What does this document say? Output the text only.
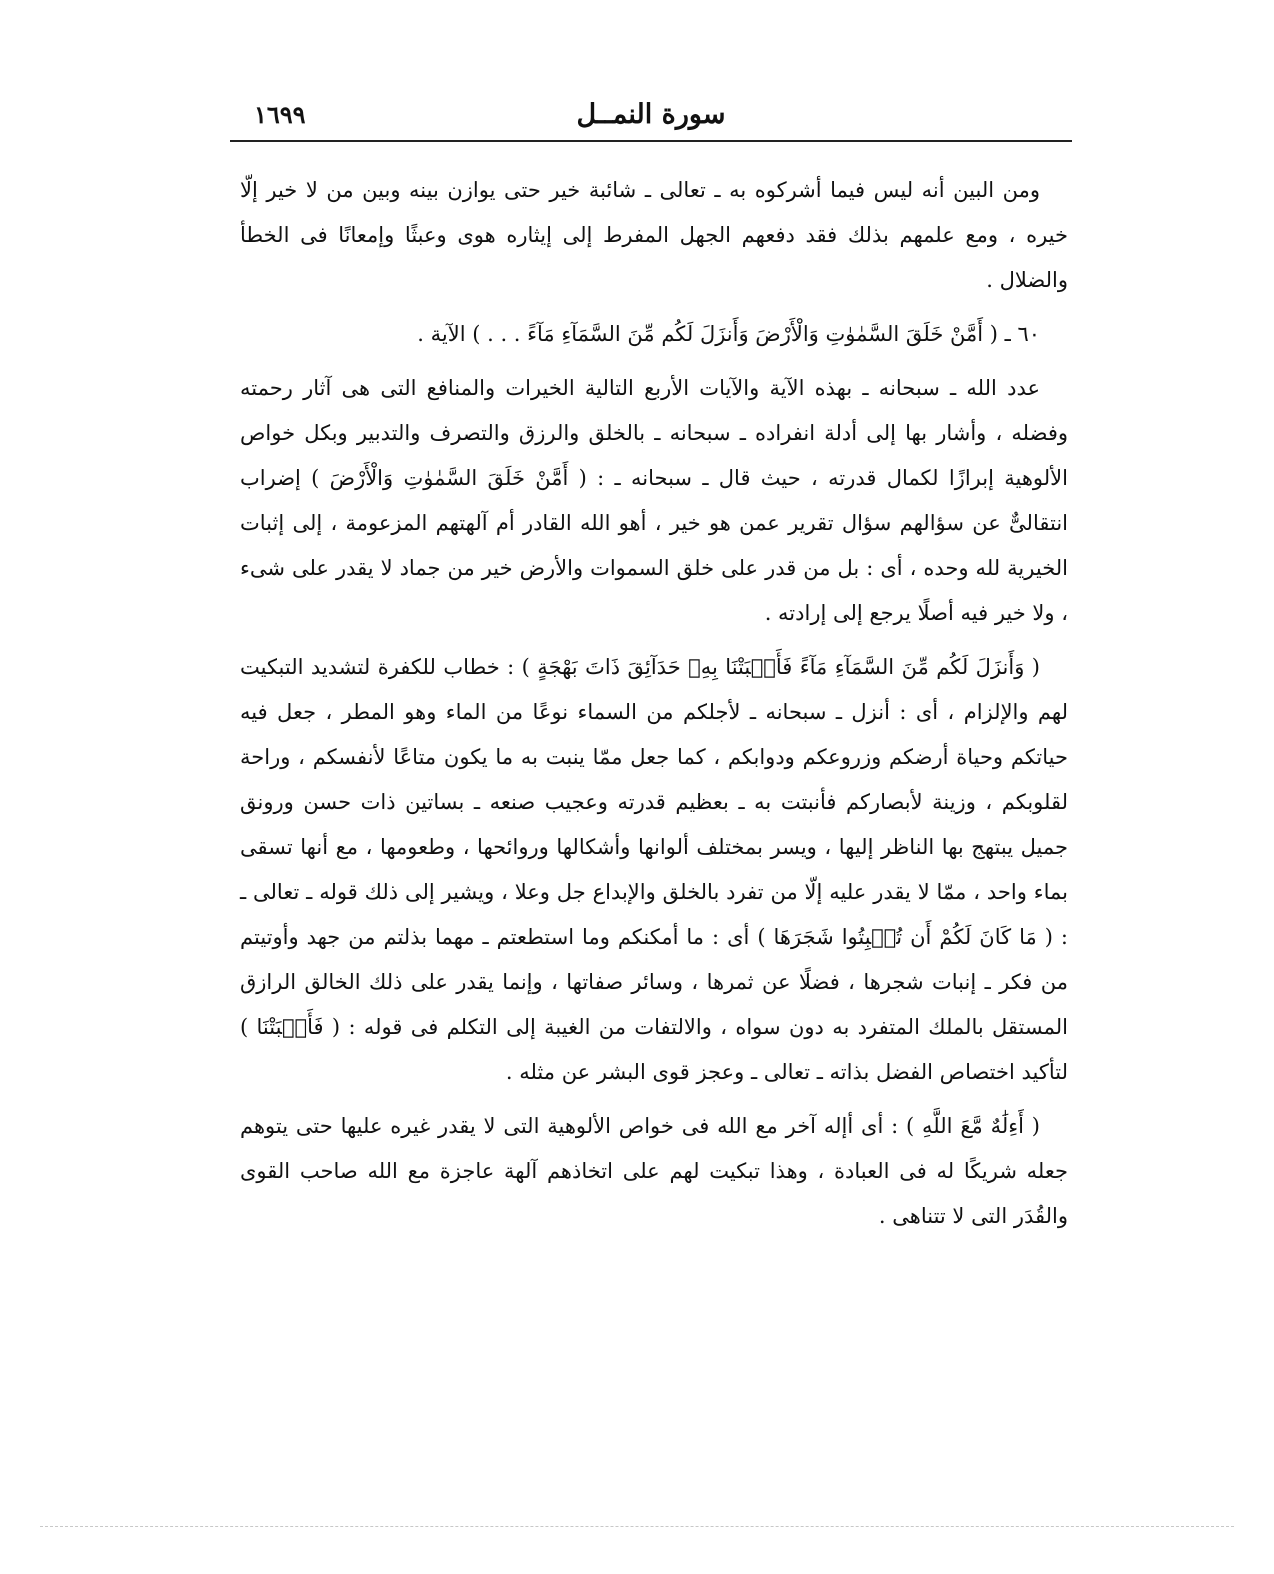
سورة النمــل
١٦٩٩

ومن البين أنه ليس فيما أشركوه به ـ تعالى ـ شائبة خير حتى يوازن بينه وبين من لا خير إلّا خيره ، ومع علمهم بذلك فقد دفعهم الجهل المفرط إلى إيثاره هوى وعبثًا وإمعانًا فى الخطأ والضلال .

٦٠ ـ ( أَمَّنْ خَلَقَ السَّمٰوٰتِ وَالْأَرْضَ وَأَنزَلَ لَكُم مِّنَ السَّمَآءِ مَآءً . . . ) الآية .

عدد الله ـ سبحانه ـ بهذه الآية والآيات الأربع التالية الخيرات والمنافع التى هى آثار رحمته وفضله ، وأشار بها إلى أدلة انفراده ـ سبحانه ـ بالخلق والرزق والتصرف والتدبير وبكل خواص الألوهية إبرازًا لكمال قدرته ، حيث قال ـ سبحانه ـ : ( أَمَّنْ خَلَقَ السَّمٰوٰتِ وَالْأَرْضَ ) إضراب انتقالىٌّ عن سؤالهم سؤال تقرير عمن هو خير ، أهو الله القادر أم آلهتهم المزعومة ، إلى إثبات الخيرية لله وحده ، أى : بل من قدر على خلق السموات والأرض خير من جماد لا يقدر على شىء ، ولا خير فيه أصلًا يرجع إلى إرادته .

( وَأَنزَلَ لَكُم مِّنَ السَّمَآءِ مَآءً فَأَنۢبَتْنَا بِهِۦ حَدَآئِقَ ذَاتَ بَهْجَةٍ ) : خطاب للكفرة لتشديد التبكيت لهم والإلزام ، أى : أنزل ـ سبحانه ـ لأجلكم من السماء نوعًا من الماء وهو المطر ، جعل فيه حياتكم وحياة أرضكم وزروعكم ودوابكم ، كما جعل ممّا ينبت به ما يكون متاعًا لأنفسكم ، وراحة لقلوبكم ، وزينة لأبصاركم فأنبتت به ـ بعظيم قدرته وعجيب صنعه ـ بساتين ذات حسن ورونق جميل يبتهج بها الناظر إليها ، ويسر بمختلف ألوانها وأشكالها وروائحها ، وطعومها ، مع أنها تسقى بماء واحد ، ممّا لا يقدر عليه إلّا من تفرد بالخلق والإبداع جل وعلا ، ويشير إلى ذلك قوله ـ تعالى ـ : ( مَا كَانَ لَكُمْ أَن تُنۢبِتُوا شَجَرَهَا ) أى : ما أمكنكم وما استطعتم ـ مهما بذلتم من جهد وأوتيتم من فكر ـ إنبات شجرها ، فضلًا عن ثمرها ، وسائر صفاتها ، وإنما يقدر على ذلك الخالق الرازق المستقل بالملك المتفرد به دون سواه ، والالتفات من الغيبة إلى التكلم فى قوله : ( فَأَنۢبَتْنَا ) لتأكيد اختصاص الفضل بذاته ـ تعالى ـ وعجز قوى البشر عن مثله .

( أَءِلَٰهٌ مَّعَ اللَّهِ ) : أى أإله آخر مع الله فى خواص الألوهية التى لا يقدر غيره عليها حتى يتوهم جعله شريكًا له فى العبادة ، وهذا تبكيت لهم على اتخاذهم آلهة عاجزة مع الله صاحب القوى والقُدَر التى لا تتناهى .
